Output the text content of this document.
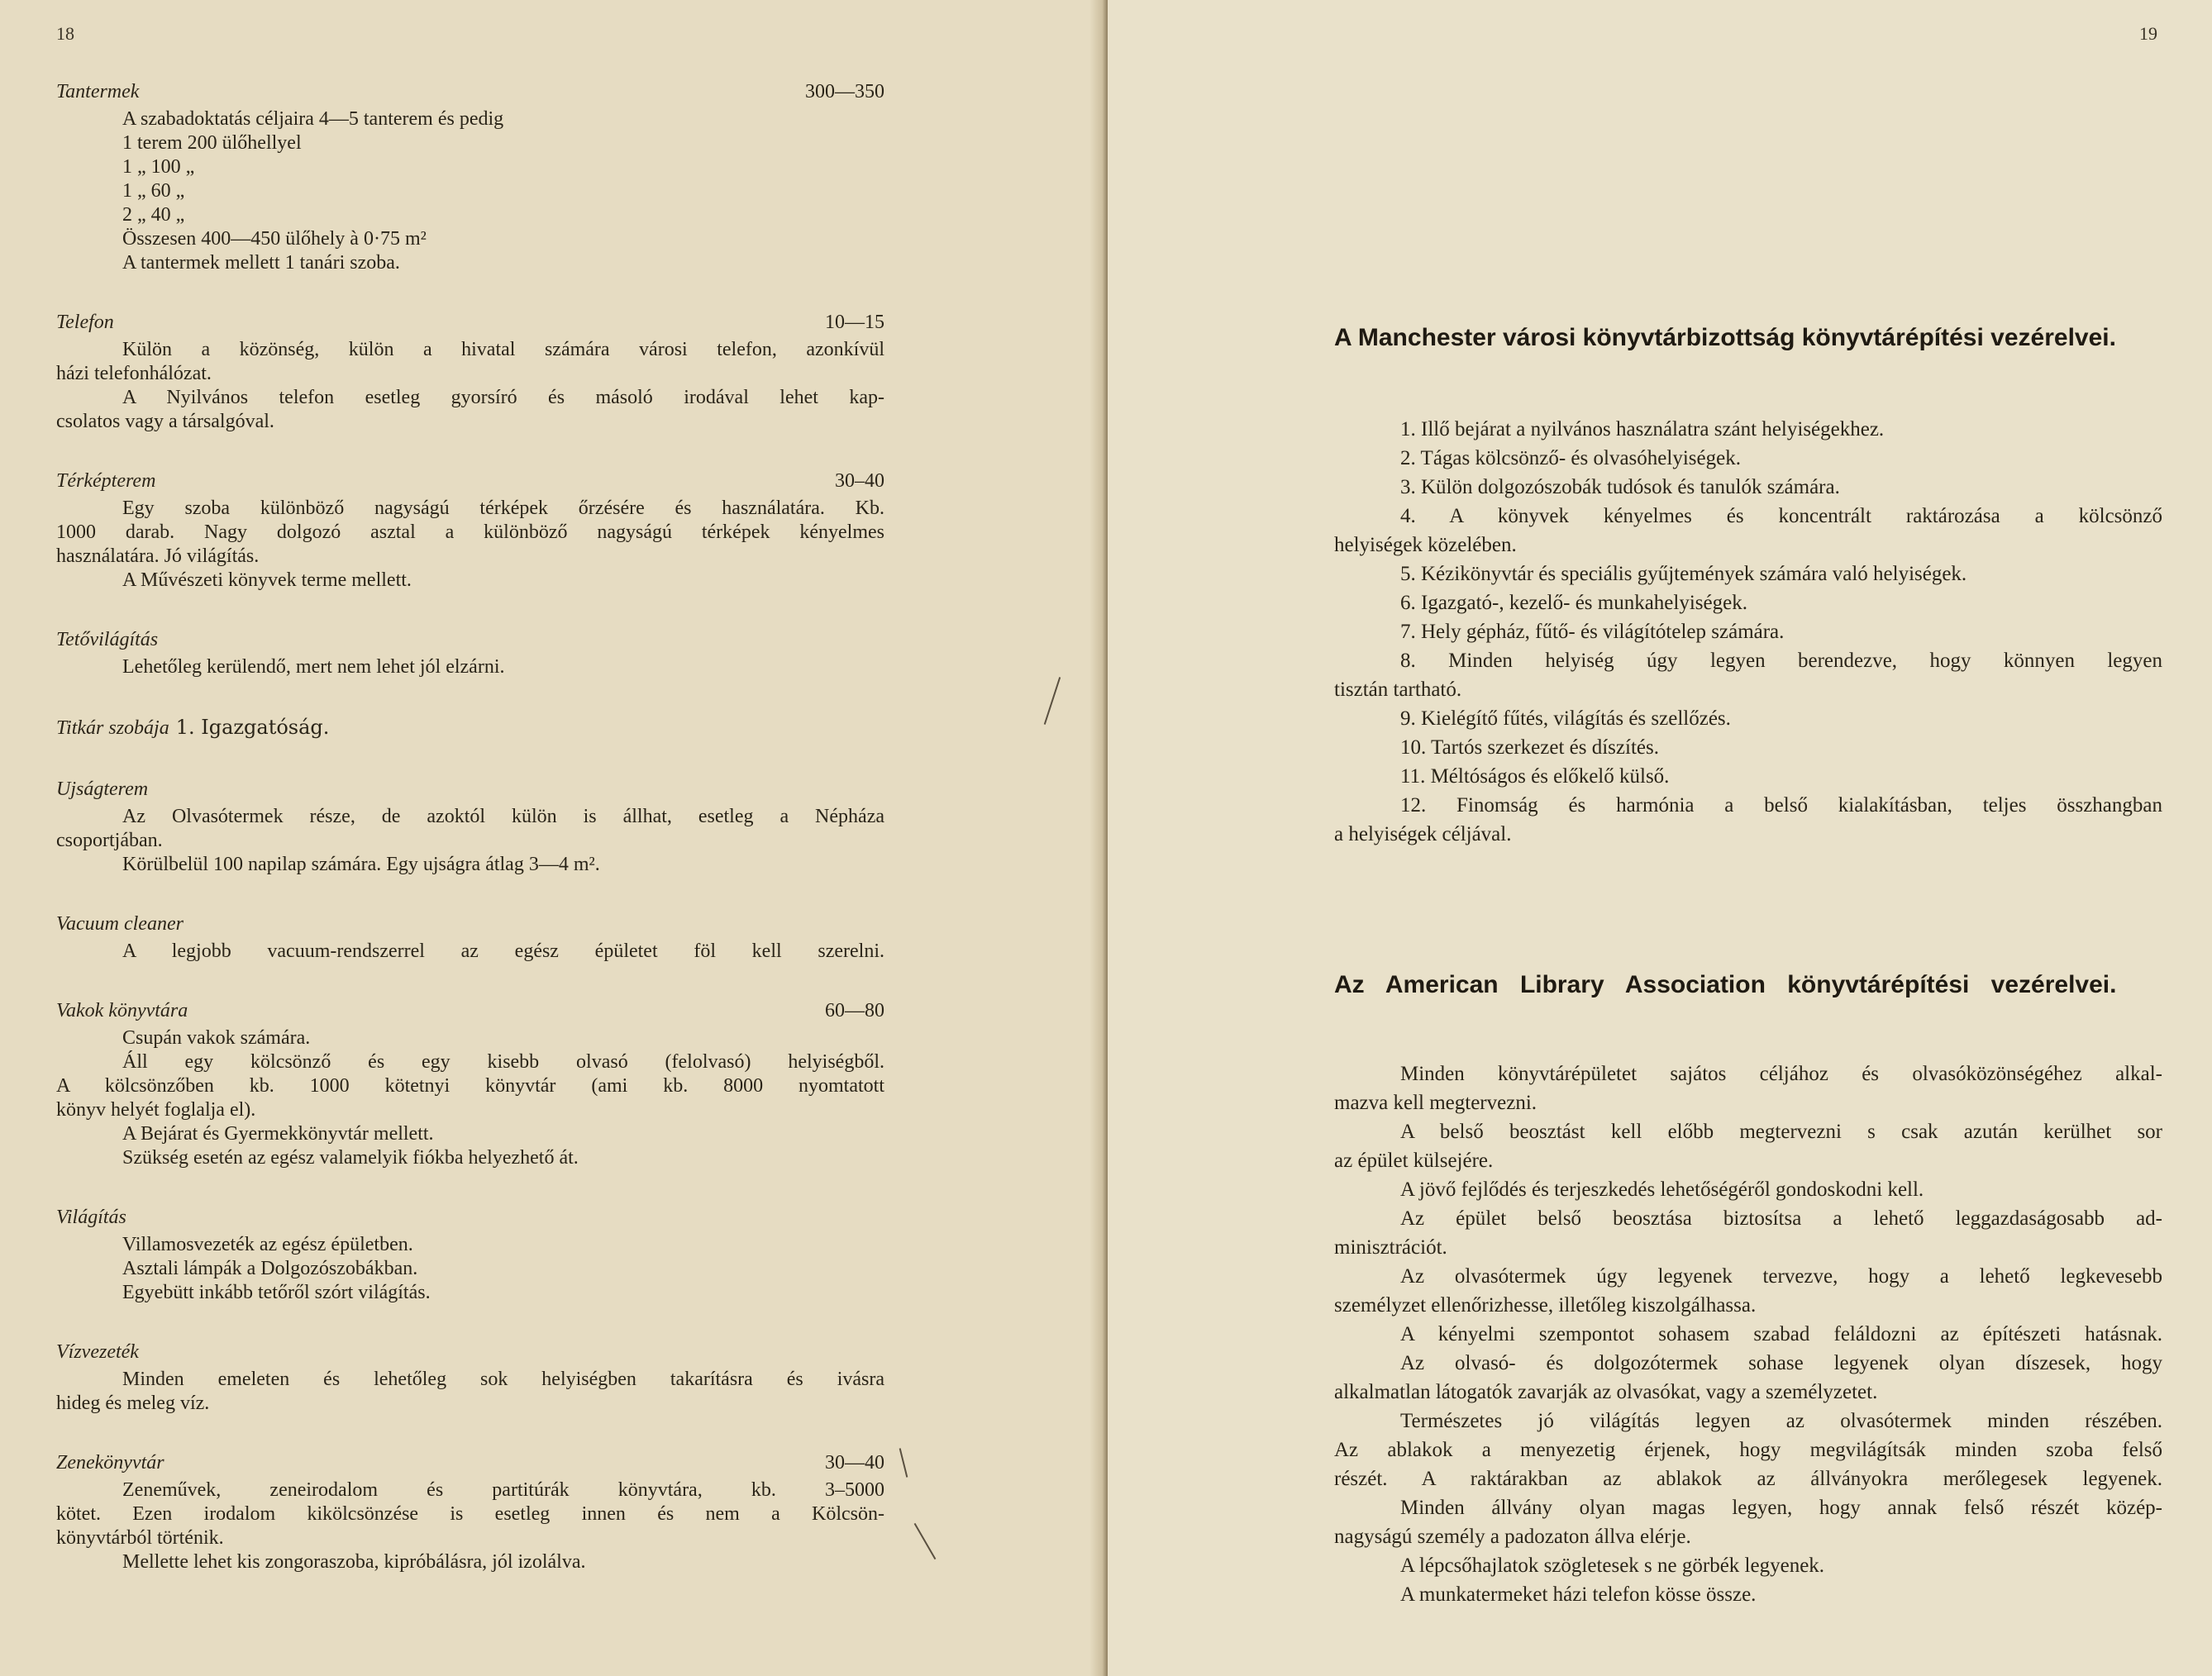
18
Tantermek	300—350
A szabadoktatás céljaira 4—5 tanterem és pedig
1 terem 200 ülőhellyel
1 „ 100 „
1 „ 60 „
2 „ 40 „
Összesen 400—450 ülőhely à 0·75 m²
A tantermek mellett 1 tanári szoba.
Telefon	10—15
Külön a közönség, külön a hivatal számára városi telefon, azonkívül
házi telefonhálózat.
A Nyilvános telefon esetleg gyorsíró és másoló irodával lehet kap-
csolatos vagy a társalgóval.
Térképterem	30–40
Egy szoba különböző nagyságú térképek őrzésére és használatára. Kb.
1000 darab. Nagy dolgozó asztal a különböző nagyságú térképek kényelmes
használatára. Jó világítás.
A Művészeti könyvek terme mellett.
Tetővilágítás
Lehetőleg kerülendő, mert nem lehet jól elzárni.
Titkár szobája 1. Igazgatóság.
Ujságterem
Az Olvasótermek része, de azoktól külön is állhat, esetleg a Népháza
csoportjában.
Körülbelül 100 napilap számára. Egy ujságra átlag 3—4 m².
Vacuum cleaner
A legjobb vacuum-rendszerrel az egész épületet föl kell szerelni.
Vakok könyvtára	60—80
Csupán vakok számára.
Áll egy kölcsönző és egy kisebb olvasó (felolvasó) helyiségből.
A kölcsönzőben kb. 1000 kötetnyi könyvtár (ami kb. 8000 nyomtatott
könyv helyét foglalja el).
A Bejárat és Gyermekkönyvtár mellett.
Szükség esetén az egész valamelyik fiókba helyezhető át.
Világítás
Villamosvezeték az egész épületben.
Asztali lámpák a Dolgozószobákban.
Egyebütt inkább tetőről szórt világítás.
Vízvezeték
Minden emeleten és lehetőleg sok helyiségben takarításra és ivásra
hideg és meleg víz.
Zenekönyvtár	30—40
Zeneművek, zeneirodalom és partitúrák könyvtára, kb. 3–5000
kötet. Ezen irodalom kikölcsönzése is esetleg innen és nem a Kölcsön-
könyvtárból történik.
Mellette lehet kis zongoraszoba, kipróbálásra, jól izolálva.
19
A Manchester városi könyvtárbizottság könyvtárépítési vezérelvei.
1. Illő bejárat a nyilvános használatra szánt helyiségekhez.
2. Tágas kölcsönző- és olvasóhelyiségek.
3. Külön dolgozószobák tudósok és tanulók számára.
4. A könyvek kényelmes és koncentrált raktározása a kölcsönző
helyiségek közelében.
5. Kézikönyvtár és speciális gyűjtemények számára való helyiségek.
6. Igazgató-, kezelő- és munkahelyiségek.
7. Hely gépház, fűtő- és világítótelep számára.
8. Minden helyiség úgy legyen berendezve, hogy könnyen legyen
tisztán tartható.
9. Kielégítő fűtés, világítás és szellőzés.
10. Tartós szerkezet és díszítés.
11. Méltóságos és előkelő külső.
12. Finomság és harmónia a belső kialakításban, teljes összhangban
a helyiségek céljával.
Az American Library Association könyvtárépítési vezérelvei.
Minden könyvtárépületet sajátos céljához és olvasóközönségéhez alkal-
mazva kell megtervezni.
A belső beosztást kell előbb megtervezni s csak azután kerülhet sor
az épület külsejére.
A jövő fejlődés és terjeszkedés lehetőségéről gondoskodni kell.
Az épület belső beosztása biztosítsa a lehető leggazdaságosabb ad-
minisztrációt.
Az olvasótermek úgy legyenek tervezve, hogy a lehető legkevesebb
személyzet ellenőrizhesse, illetőleg kiszolgálhassa.
A kényelmi szempontot sohasem szabad feláldozni az építészeti hatásnak.
Az olvasó- és dolgozótermek sohase legyenek olyan díszesek, hogy
alkalmatlan látogatók zavarják az olvasókat, vagy a személyzetet.
Természetes jó világítás legyen az olvasótermek minden részében.
Az ablakok a menyezetig érjenek, hogy megvilágítsák minden szoba felső
részét. A raktárakban az ablakok az állványokra merőlegesek legyenek.
Minden állvány olyan magas legyen, hogy annak felső részét közép-
nagyságú személy a padozaton állva elérje.
A lépcsőhajlatok szögletesek s ne görbék legyenek.
A munkatermeket házi telefon kösse össze.
